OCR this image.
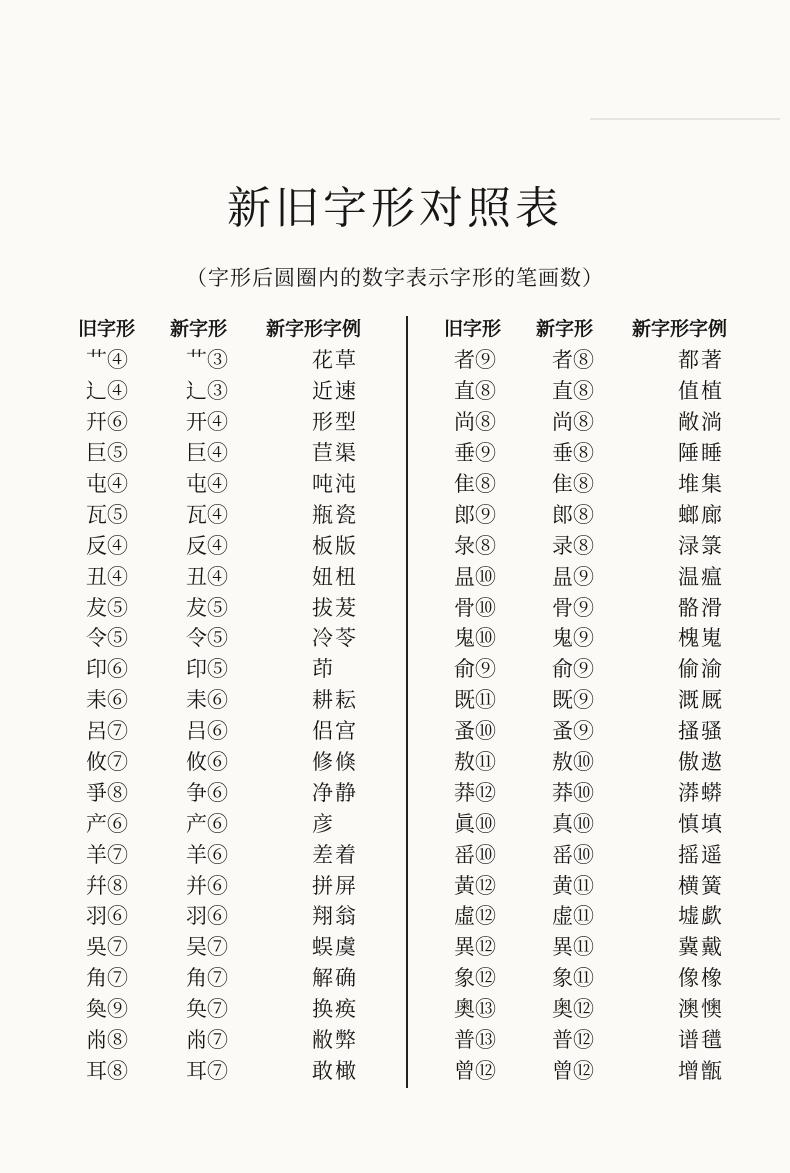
新旧字形对照表
（字形后圆圈内的数字表示字形的笔画数）
旧字形	新字形	新字形字例
艹④	艹③	花草
辶④	辶③	近速
幵⑥	开④	形型
巨⑤	巨④	苣渠
屯④	屯④	吨沌
瓦⑤	瓦④	瓶瓷
反④	反④	板版
丑④	丑④	妞杻
犮⑤	犮⑤	拔茇
令⑤	令⑤	冷苓
印⑥	印⑤	茚
耒⑥	耒⑥	耕耘
呂⑦	吕⑥	侣宫
攸⑦	攸⑥	修倏
爭⑧	争⑥	净静
产⑥	产⑥	彦
羊⑦	羊⑥	差着
幷⑧	并⑥	拼屏
羽⑥	羽⑥	翔翁
吳⑦	吴⑦	蜈虞
角⑦	角⑦	解确
奐⑨	奂⑦	换痪
㡀⑧	㡀⑦	敝弊
耳⑧	耳⑦	敢橄
旧字形	新字形	新字形字例
者⑨	者⑧	都著
直⑧	直⑧	值植
尚⑧	尚⑧	敞淌
垂⑨	垂⑧	陲睡
隹⑧	隹⑧	堆集
郎⑨	郎⑧	螂廊
彔⑧	录⑧	渌箓
昷⑩	昷⑨	温瘟
骨⑩	骨⑨	骼滑
鬼⑩	鬼⑨	槐嵬
俞⑨	俞⑨	偷渝
既⑪	既⑨	溉厩
蚤⑩	蚤⑨	搔骚
敖⑪	敖⑩	傲遨
莽⑫	莽⑩	漭蟒
眞⑩	真⑩	慎填
䍃⑩	䍃⑩	摇遥
黃⑫	黄⑪	横簧
虛⑫	虚⑪	墟歔
異⑫	異⑪	冀戴
象⑫	象⑪	像橡
奧⑬	奥⑫	澳懊
普⑬	普⑫	谱氆
曾⑫	曾⑫	增甑
